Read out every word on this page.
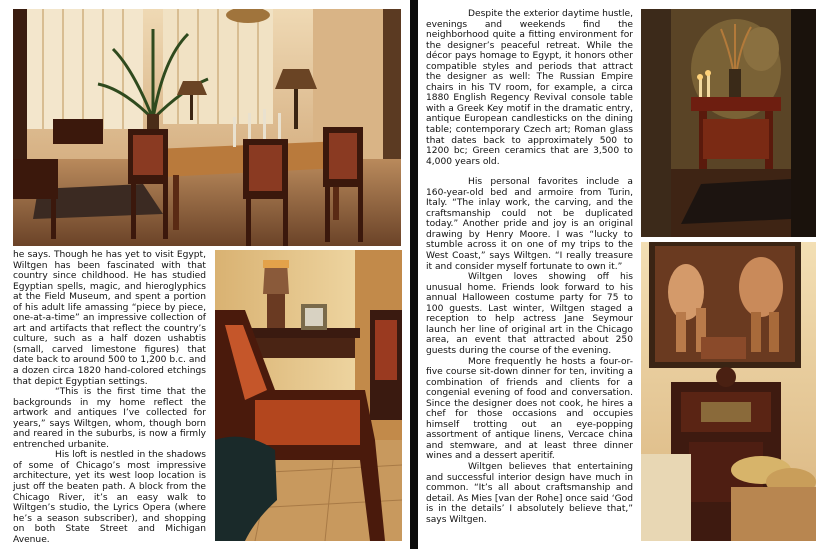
he says. Though he has yet to visit Egypt, Wiltgen has been fascinated with that country since childhood. He has studied Egyptian spells, magic, and hieroglyphics at the Field Museum, and spent a portion of his adult life amassing “piece by piece, one-at-a-time” an impressive collection of art and artifacts that reflect the country’s culture, such as a half dozen ushabtis (small, carved limestone figures) that date back to around 500 to 1,200 b.c. and a dozen circa 1820 hand-colored etchings that depict Egyptian settings.

“This is the first time that the backgrounds in my home reflect the artwork and antiques I’ve collected for years,” says Wiltgen, whom, though born and reared in the suburbs, is now a firmly entrenched urbanite.

His loft is nestled in the shadows of some of Chicago’s most impressive architecture, yet its west loop location is just off the beaten path. A block from the Chicago River, it’s an easy walk to Wiltgen’s studio, the Lyrics Opera (where he’s a season subscriber), and shopping on both State Street and Michigan Avenue.

Despite the exterior daytime hustle, evenings and weekends find the neighborhood quite a fitting environment for the designer’s peaceful retreat. While the décor pays homage to Egypt, it honors other compatible styles and periods that attract the designer as well: The Russian Empire chairs in his TV room, for example, a circa 1880 English Regency Revival console table with a Greek Key motif in the dramatic entry, antique European candlesticks on the dining table; contemporary Czech art; Roman glass that dates back to approximately 500 to 1200 bc; Green ceramics that are 3,500 to 4,000 years old.

His personal favorites include a 160-year-old bed and armoire from Turin, Italy. “The inlay work, the carving, and the craftsmanship could not be duplicated today.” Another pride and joy is an original drawing by Henry Moore. I was “lucky to stumble across it on one of my trips to the West Coast,” says Wiltgen. “I really treasure it and consider myself fortunate to own it.”

Wiltgen loves showing off his unusual home. Friends look forward to his annual Halloween costume party for 75 to 100 guests. Last winter, Wiltgen staged a reception to help actress Jane Seymour launch her line of original art in the Chicago area, an event that attracted about 250 guests during the course of the evening.

More frequently he hosts a four-or-five course sit-down dinner for ten, inviting a combination of friends and clients for a congenial evening of food and conversation. Since the designer does not cook, he hires a chef for those occasions and occupies himself trotting out an eye-popping assortment of antique linens, Vercace china and stemware, and at least three dinner wines and a dessert aperitif.

Wiltgen believes that entertaining and successful interior design have much in common. “It’s all about craftsmanship and detail. As Mies [van der Rohe] once said ‘God is in the details’ I absolutely believe that,” says Wiltgen.
